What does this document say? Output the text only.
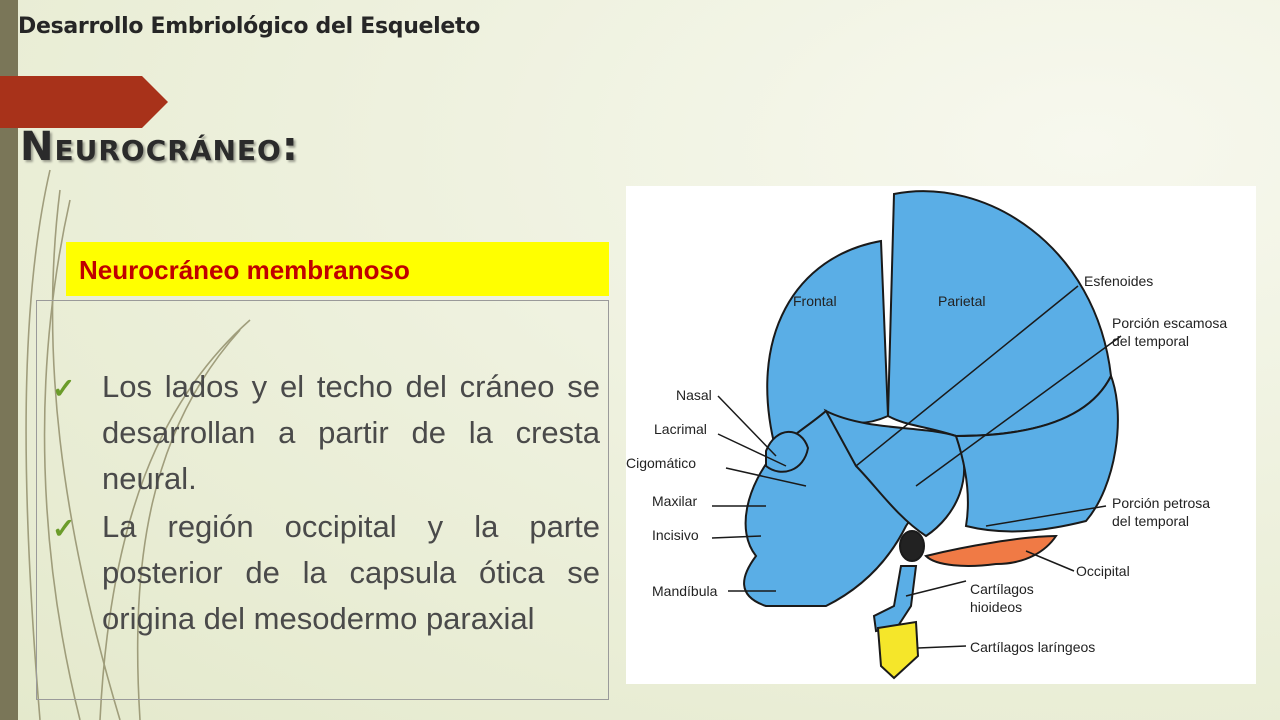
Desarrollo Embriológico del Esqueleto
Neurocráneo:
Neurocráneo membranoso
✓ Los lados y el techo del cráneo se desarrollan a partir de la cresta neural.
✓ La región occipital y la parte posterior de la capsula ótica se origina del mesodermo paraxial
Frontal	Parietal
Esfenoides
Porción escamosa
del temporal
Nasal
Lacrimal
Cigomático
Maxilar
Incisivo
Mandíbula
Porción petrosa
del temporal
Occipital
Cartílagos
hioideos
Cartílagos laríngeos
